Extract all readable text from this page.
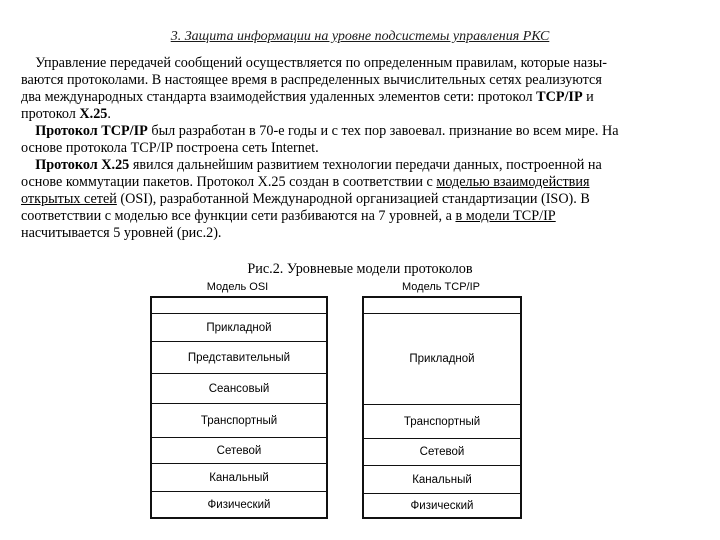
3. Защита информации на уровне подсистемы управления РКС
Управление передачей сообщений осуществляется по определенным правилам, которые назы-
ваются протоколами. В настоящее время в распределенных вычислительных сетях реализуются
два международных стандарта взаимодействия удаленных элементов сети: протокол TCP/IP и
протокол X.25.
Протокол TCP/IP был разработан в 70-е годы и с тех пор завоевал. признание во всем мире. На
основе протокола TCP/IP построена сеть Internet.
Протокол X.25 явился дальнейшим развитием технологии передачи данных, построенной на
основе коммутации пакетов. Протокол X.25 создан в соответствии с моделью взаимодействия
открытых сетей (OSI), разработанной Международной организацией стандартизации (ISO). В
соответствии с моделью все функции сети разбиваются на 7 уровней, а в модели TCP/IP
насчитывается 5 уровней (рис.2).
Рис.2. Уровневые модели протоколов
Модель OSI
Прикладной
Представительный
Сеансовый
Транспортный
Сетевой
Канальный
Физический
Модель TCP/IP
Прикладной
Транспортный
Сетевой
Канальный
Физический
